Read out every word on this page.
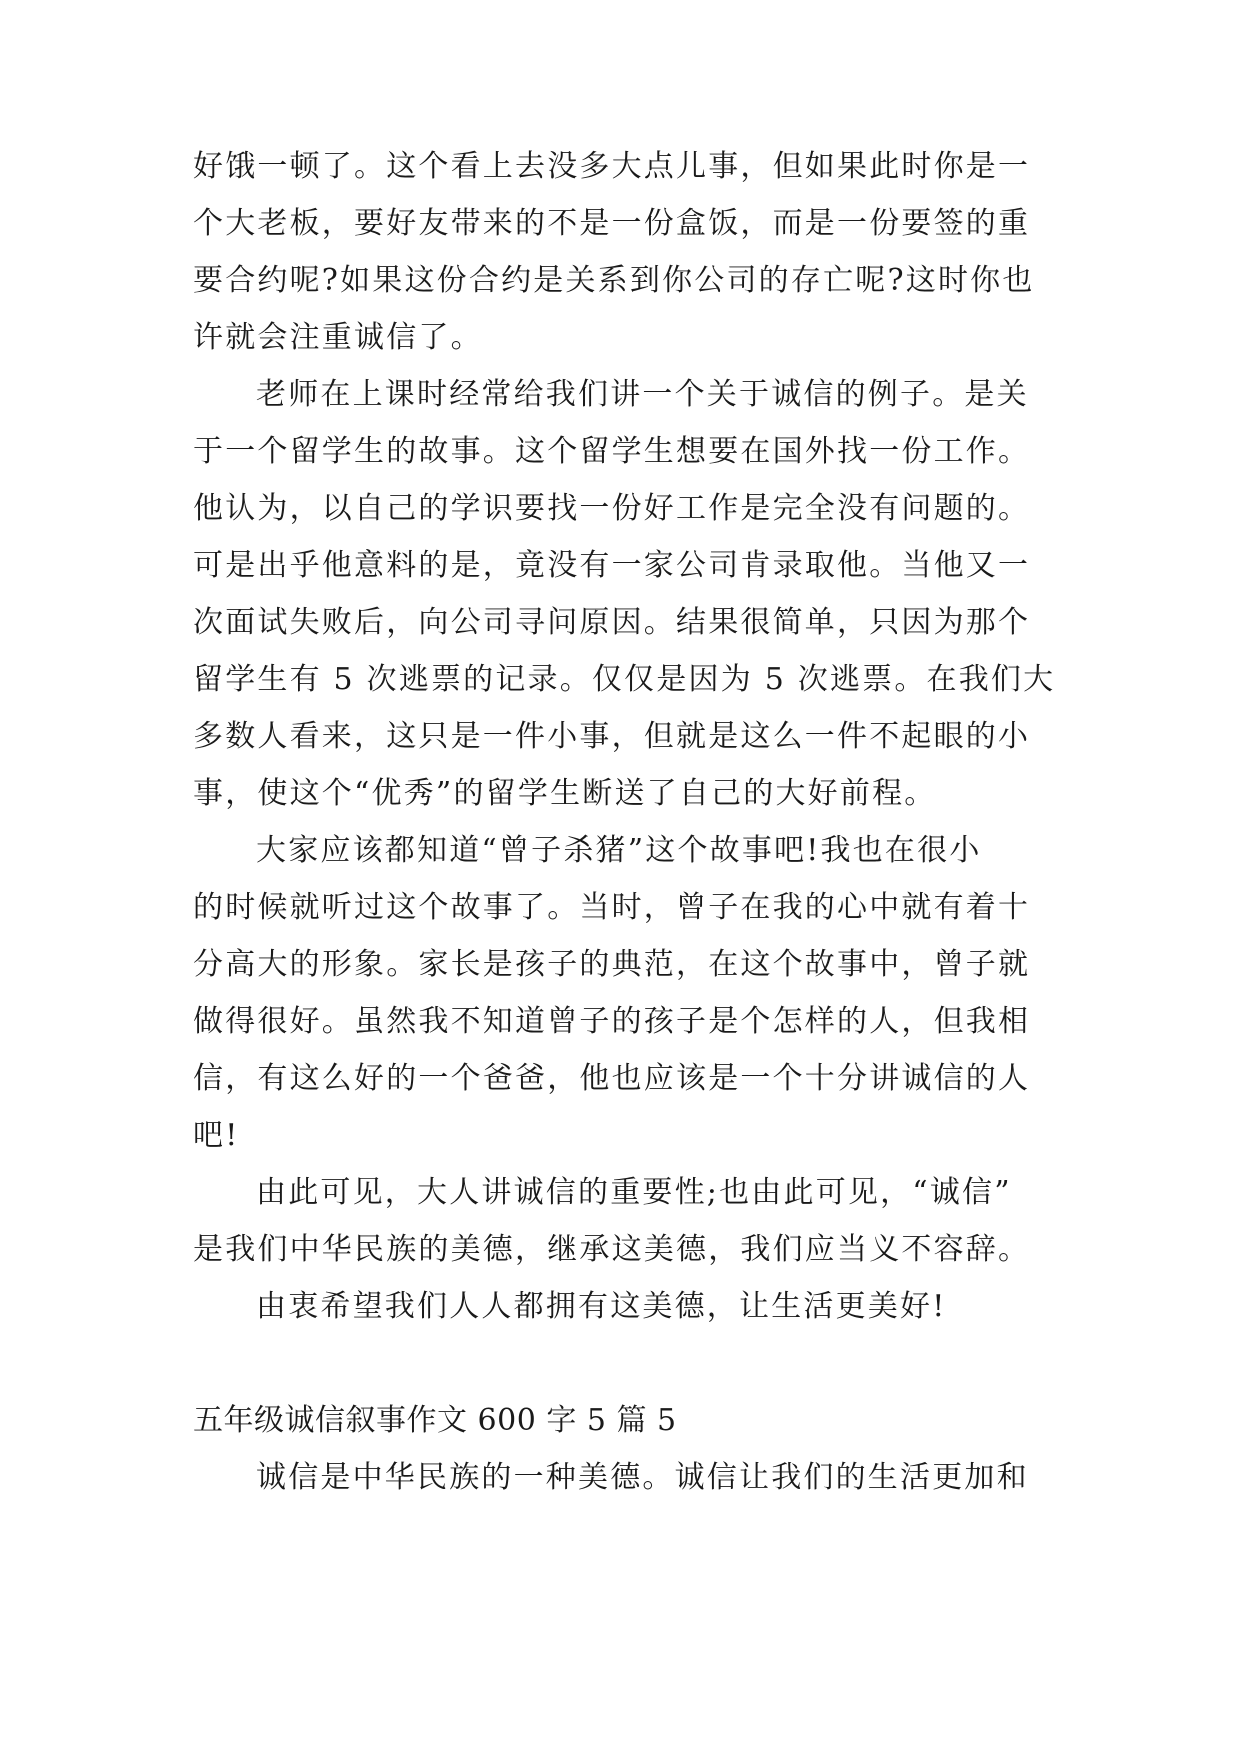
好饿一顿了。这个看上去没多大点儿事，但如果此时你是一
个大老板，要好友带来的不是一份盒饭，而是一份要签的重
要合约呢?如果这份合约是关系到你公司的存亡呢?这时你也
许就会注重诚信了。
老师在上课时经常给我们讲一个关于诚信的例子。是关
于一个留学生的故事。这个留学生想要在国外找一份工作。
他认为，以自己的学识要找一份好工作是完全没有问题的。
可是出乎他意料的是，竟没有一家公司肯录取他。当他又一
次面试失败后，向公司寻问原因。结果很简单，只因为那个
留学生有 5 次逃票的记录。仅仅是因为 5 次逃票。在我们大
多数人看来，这只是一件小事，但就是这么一件不起眼的小
事，使这个“优秀”的留学生断送了自己的大好前程。
大家应该都知道“曾子杀猪”这个故事吧!我也在很小
的时候就听过这个故事了。当时，曾子在我的心中就有着十
分高大的形象。家长是孩子的典范，在这个故事中，曾子就
做得很好。虽然我不知道曾子的孩子是个怎样的人，但我相
信，有这么好的一个爸爸，他也应该是一个十分讲诚信的人
吧!
由此可见，大人讲诚信的重要性;也由此可见，“诚信”
是我们中华民族的美德，继承这美德，我们应当义不容辞。
由衷希望我们人人都拥有这美德，让生活更美好!
五年级诚信叙事作文 600 字 5 篇 5
诚信是中华民族的一种美德。诚信让我们的生活更加和
